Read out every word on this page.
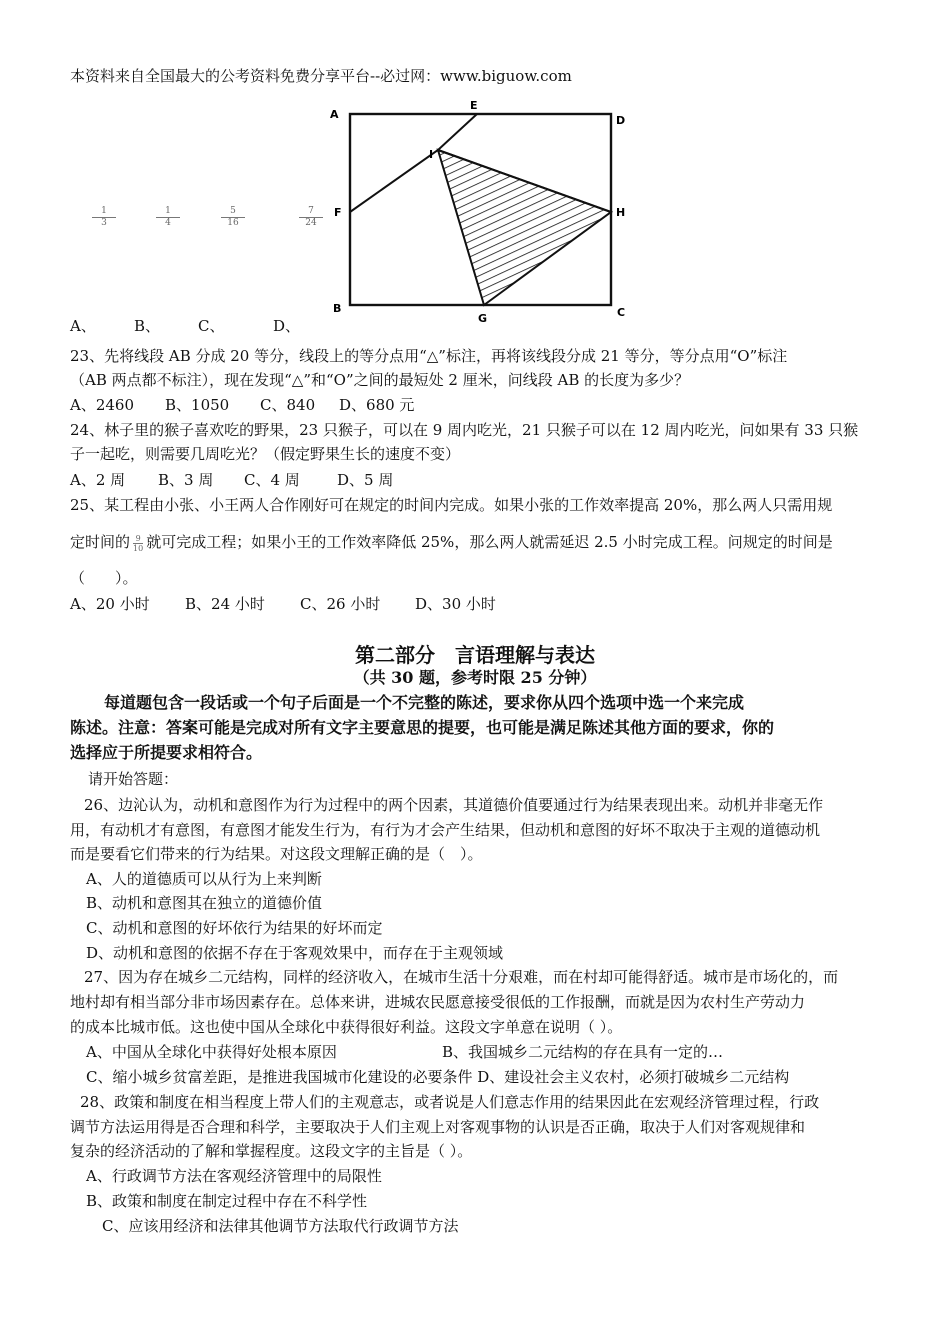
本资料来自全国最大的公考资料免费分享平台--必过网：www.biguow.com
A
E
D
I
F	H
B
G	C
$\frac{1}{3}$	$\frac{1}{4}$	$\frac{5}{16}$	$\frac{7}{24}$
A、	B、	C、	D、
23、先将线段 AB 分成 20 等分，线段上的等分点用“△”标注，再将该线段分成 21 等分，等分点用“O”标注
（AB 两点都不标注），现在发现“△”和“O”之间的最短处 2 厘米，问线段 AB 的长度为多少？
A、2460 B、1050 C、840 D、680 元
24、林子里的猴子喜欢吃的野果，23 只猴子，可以在 9 周内吃光，21 只猴子可以在 12 周内吃光，问如果有 33 只猴
子一起吃，则需要几周吃光？（假定野果生长的速度不变）
A、2 周 B、3 周 C、4 周 D、5 周
25、某工程由小张、小王两人合作刚好可在规定的时间内完成。如果小张的工作效率提高 20%，那么两人只需用规
定时间的 $\frac{9}{10}$ 就可完成工程；如果小王的工作效率降低 25%，那么两人就需延迟 2.5 小时完成工程。问规定的时间是
（　　）。
A、20 小时 B、24 小时 C、26 小时 D、30 小时
第二部分　言语理解与表达
（共 30 题，参考时限 25 分钟）
每道题包含一段话或一个句子后面是一个不完整的陈述，要求你从四个选项中选一个来完成
陈述。注意：答案可能是完成对所有文字主要意思的提要，也可能是满足陈述其他方面的要求，你的
选择应于所提要求相符合。
请开始答题：
26、边沁认为，动机和意图作为行为过程中的两个因素，其道德价值要通过行为结果表现出来。动机并非毫无作
用，有动机才有意图，有意图才能发生行为，有行为才会产生结果，但动机和意图的好坏不取决于主观的道德动机
而是要看它们带来的行为结果。对这段文理解正确的是（　）。
A、人的道德质可以从行为上来判断
B、动机和意图其在独立的道德价值
C、动机和意图的好坏依行为结果的好坏而定
D、动机和意图的依据不存在于客观效果中，而存在于主观领域
27、因为存在城乡二元结构，同样的经济收入，在城市生活十分艰难，而在村却可能得舒适。城市是市场化的，而
地村却有相当部分非市场因素存在。总体来讲，进城农民愿意接受很低的工作报酬，而就是因为农村生产劳动力
的成本比城市低。这也使中国从全球化中获得很好利益。这段文字单意在说明（ ）。
A、中国从全球化中获得好处根本原因	B、我国城乡二元结构的存在具有一定的…
C、缩小城乡贫富差距，是推进我国城市化建设的必要条件 D、建设社会主义农村，必须打破城乡二元结构
28、政策和制度在相当程度上带人们的主观意志，或者说是人们意志作用的结果因此在宏观经济管理过程，行政
调节方法运用得是否合理和科学，主要取决于人们主观上对客观事物的认识是否正确，取决于人们对客观规律和
复杂的经济活动的了解和掌握程度。这段文字的主旨是（ ）。
A、行政调节方法在客观经济管理中的局限性
B、政策和制度在制定过程中存在不科学性
C、应该用经济和法律其他调节方法取代行政调节方法
